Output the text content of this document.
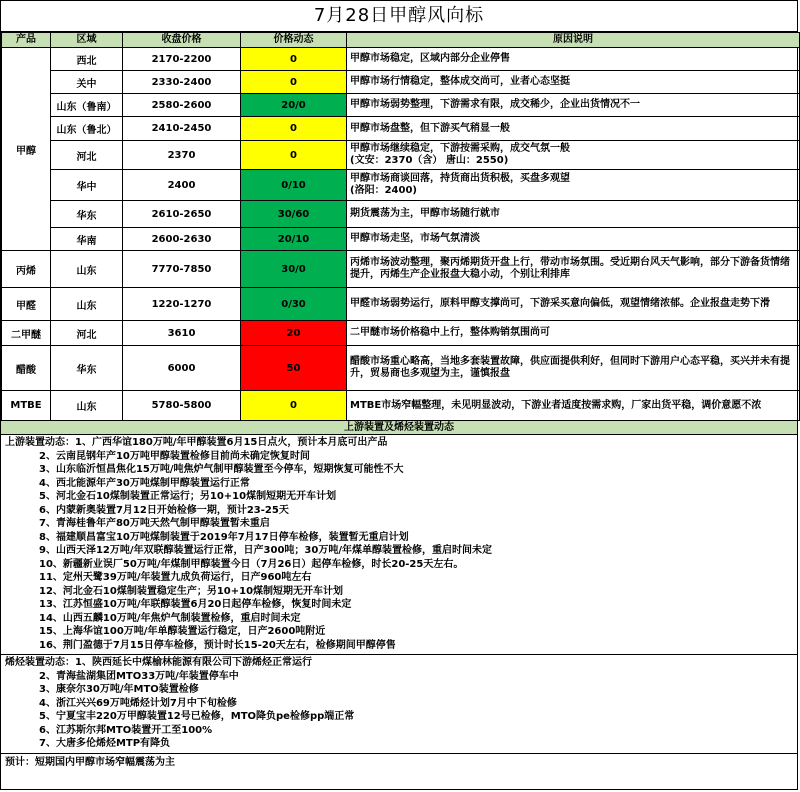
7月28日甲醇风向标
产品	区域	收盘价格	价格动态	原因说明
甲醇	西北	2170-2200	0	甲醇市场稳定，区域内部分企业停售

	关中	2330-2400	0	甲醇市场行情稳定，整体成交尚可，业者心态坚挺

	山东（鲁南）	2580-2600	20/0	甲醇市场弱势整理，下游需求有限，成交稀少，企业出货情况不一

	山东（鲁北）	2410-2450	0	甲醇市场盘整，但下游买气稍显一般

	河北	2370	0	甲醇市场继续稳定，下游按需采购，成交气氛一般
(文安：2370（含） 唐山：2550)

	华中	2400	0/10	甲醇市场商谈回落，持货商出货积极，买盘多观望
(洛阳：2400)

	华东	2610-2650	30/60	期货震荡为主，甲醇市场随行就市

	华南	2600-2630	20/10	甲醇市场走坚，市场气氛清淡

丙烯	山东	7770-7850	30/0	丙烯市场波动整理，聚丙烯期货开盘上行，带动市场氛围。受近期台风天气影响，部分下游备货情绪提升，丙烯生产企业报盘大稳小动，个别让利排库

甲醛	山东	1220-1270	0/30	甲醛市场弱势运行，原料甲醇支撑尚可，下游采买意向偏低，观望情绪浓郁。企业报盘走势下滑

二甲醚	河北	3610	20	二甲醚市场价格稳中上行，整体购销氛围尚可

醋酸	华东	6000	50	醋酸市场重心略高，当地多套装置故障，供应面提供利好，但同时下游用户心态平稳，买兴并未有提升，贸易商也多观望为主，谨慎报盘

MTBE	山东	5780-5800	0	MTBE市场窄幅整理，未见明显波动，下游业者适度按需求购，厂家出货平稳，调价意愿不浓
上游装置及烯烃装置动态
上游装置动态：1、广西华谊180万吨/年甲醇装置6月15日点火，预计本月底可出产品
2、云南昆钢年产10万吨甲醇装置检修目前尚未确定恢复时间
3、山东临沂恒昌焦化15万吨/吨焦炉气制甲醇装置至今停车，短期恢复可能性不大
4、西北能源年产30万吨煤制甲醇装置运行正常
5、河北金石10煤制装置正常运行；另10+10煤制短期无开车计划
6、内蒙新奥装置7月12日开始检修一期，预计23-25天
7、青海桂鲁年产80万吨天然气制甲醇装置暂未重启
8、福建顺昌富宝10万吨煤制装置于2019年7月17日停车检修，装置暂无重启计划
9、山西天泽12万吨/年双联醇装置运行正常，日产300吨；30万吨/年煤单醇装置检修，重启时间未定
10、新疆新业误厂50万吨/年煤制甲醇装置今日（7月26日）起停车检修，时长20-25天左右。
11、定州天鹭39万吨/年装置九成负荷运行，日产960吨左右
12、河北金石10煤制装置稳定生产；另10+10煤制短期无开车计划
13、江苏恒盛10万吨/年联醇装置6月20日起停车检修，恢复时间未定
14、山西五麟10万吨/年焦炉气制装置检修，重启时间未定
15、上海华谊100万吨/年单醇装置运行稳定，日产2600吨附近
16、荆门盈德于7月15日停车检修，预计时长15-20天左右，检修期间甲醇停售
烯烃装置动态：1、陕西延长中煤榆林能源有限公司下游烯烃正常运行
2、青海盐湖集团MTO33万吨/年装置停车中
3、康奈尔30万吨/年MTO装置检修
4、浙江兴兴69万吨烯烃计划7月中下旬检修
5、宁夏宝丰220万甲醇装置12号已检修，MTO降负pe检修pp端正常
6、江苏斯尔邦MTO装置开工至100%
7、大唐多伦烯烃MTP有降负
预计：短期国内甲醇市场窄幅震荡为主
